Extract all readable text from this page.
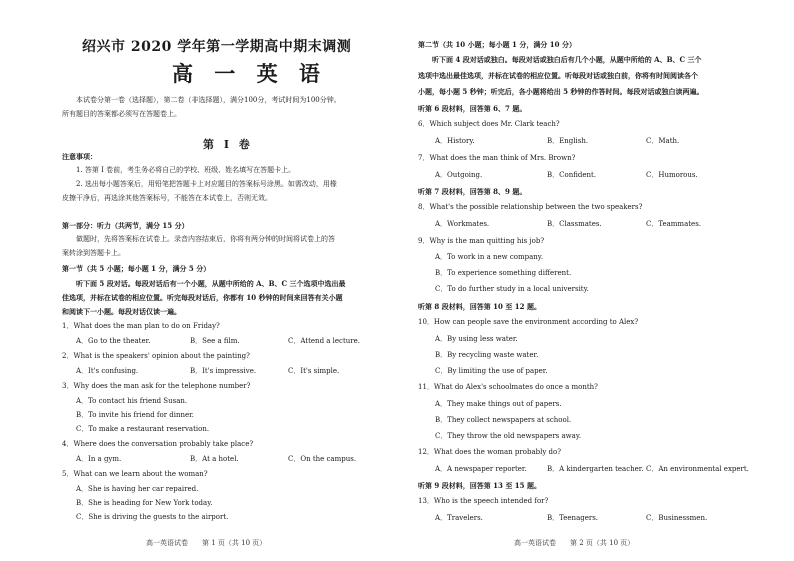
绍兴市 2020 学年第一学期高中期末调测
高 一 英 语
本试卷分第一卷（选择题），第二卷（非选择题），满分100分，考试时间为100分钟。
所有题目的答案都必须写在答题卷上。
第 I 卷
注意事项：
1. 答第 I 卷前，考生务必将自己的学校、班级、姓名填写在答题卡上。
2. 选出每小题答案后，用铅笔把答题卡上对应题目的答案标号涂黑。如需改动，用橡
皮擦干净后，再选涂其他答案标号，不能答在本试卷上，否则无效。
第一部分：听力（共两节，满分 15 分）
做题时，先将答案标在试卷上。录音内容结束后，你将有两分钟的时间将试卷上的答
案转涂到答题卡上。
第一节（共 5 小题；每小题 1 分，满分 5 分）
听下面 5 段对话。每段对话后有一个小题，从题中所给的 A、B、C 三个选项中选出最
佳选项，并标在试卷的相应位置。听完每段对话后，你都有 10 秒钟的时间来回答有关小题
和阅读下一小题。每段对话仅读一遍。
1．What does the man plan to do on Friday?
A．Go to the theater.	B．See a film.	C．Attend a lecture.
2．What is the speakers' opinion about the painting?
A．It's confusing.	B．It's impressive.	C．It's simple.
3．Why does the man ask for the telephone number?
A．To contact his friend Susan.
B．To invite his friend for dinner.
C．To make a restaurant reservation.
4．Where does the conversation probably take place?
A．In a gym.	B．At a hotel.	C．On the campus.
5．What can we learn about the woman?
A．She is having her car repaired.
B．She is heading for New York today.
C．She is driving the guests to the airport.
高一英语试卷　　第 1 页（共 10 页）
第二节（共 10 小题；每小题 1 分，满分 10 分）
听下面 4 段对话或独白。每段对话或独白后有几个小题，从题中所给的 A、B、C 三个
选项中选出最佳选项，并标在试卷的相应位置。听每段对话或独白前，你将有时间阅读各个
小题，每小题 5 秒钟；听完后，各小题将给出 5 秒钟的作答时间。每段对话或独白读两遍。
听第 6 段材料，回答第 6、7 题。
6．Which subject does Mr. Clark teach?
A．History.	B．English.	C．Math.
7．What does the man think of Mrs. Brown?
A．Outgoing.	B．Confident.	C．Humorous.
听第 7 段材料，回答第 8、9 题。
8．What's the possible relationship between the two speakers?
A．Workmates.	B．Classmates.	C．Teammates.
9．Why is the man quitting his job?
A．To work in a new company.
B．To experience something different.
C．To do further study in a local university.
听第 8 段材料，回答第 10 至 12 题。
10．How can people save the environment according to Alex?
A．By using less water.
B．By recycling waste water.
C．By limiting the use of paper.
11．What do Alex's schoolmates do once a month?
A．They make things out of papers.
B．They collect newspapers at school.
C．They throw the old newspapers away.
12．What does the woman probably do?
A．A newspaper reporter.	B．A kindergarten teacher. C．An environmental expert.
听第 9 段材料，回答第 13 至 15 题。
13．Who is the speech intended for?
A．Travelers.	B．Teenagers.	C．Businessmen.
高一英语试卷　　第 2 页（共 10 页）
